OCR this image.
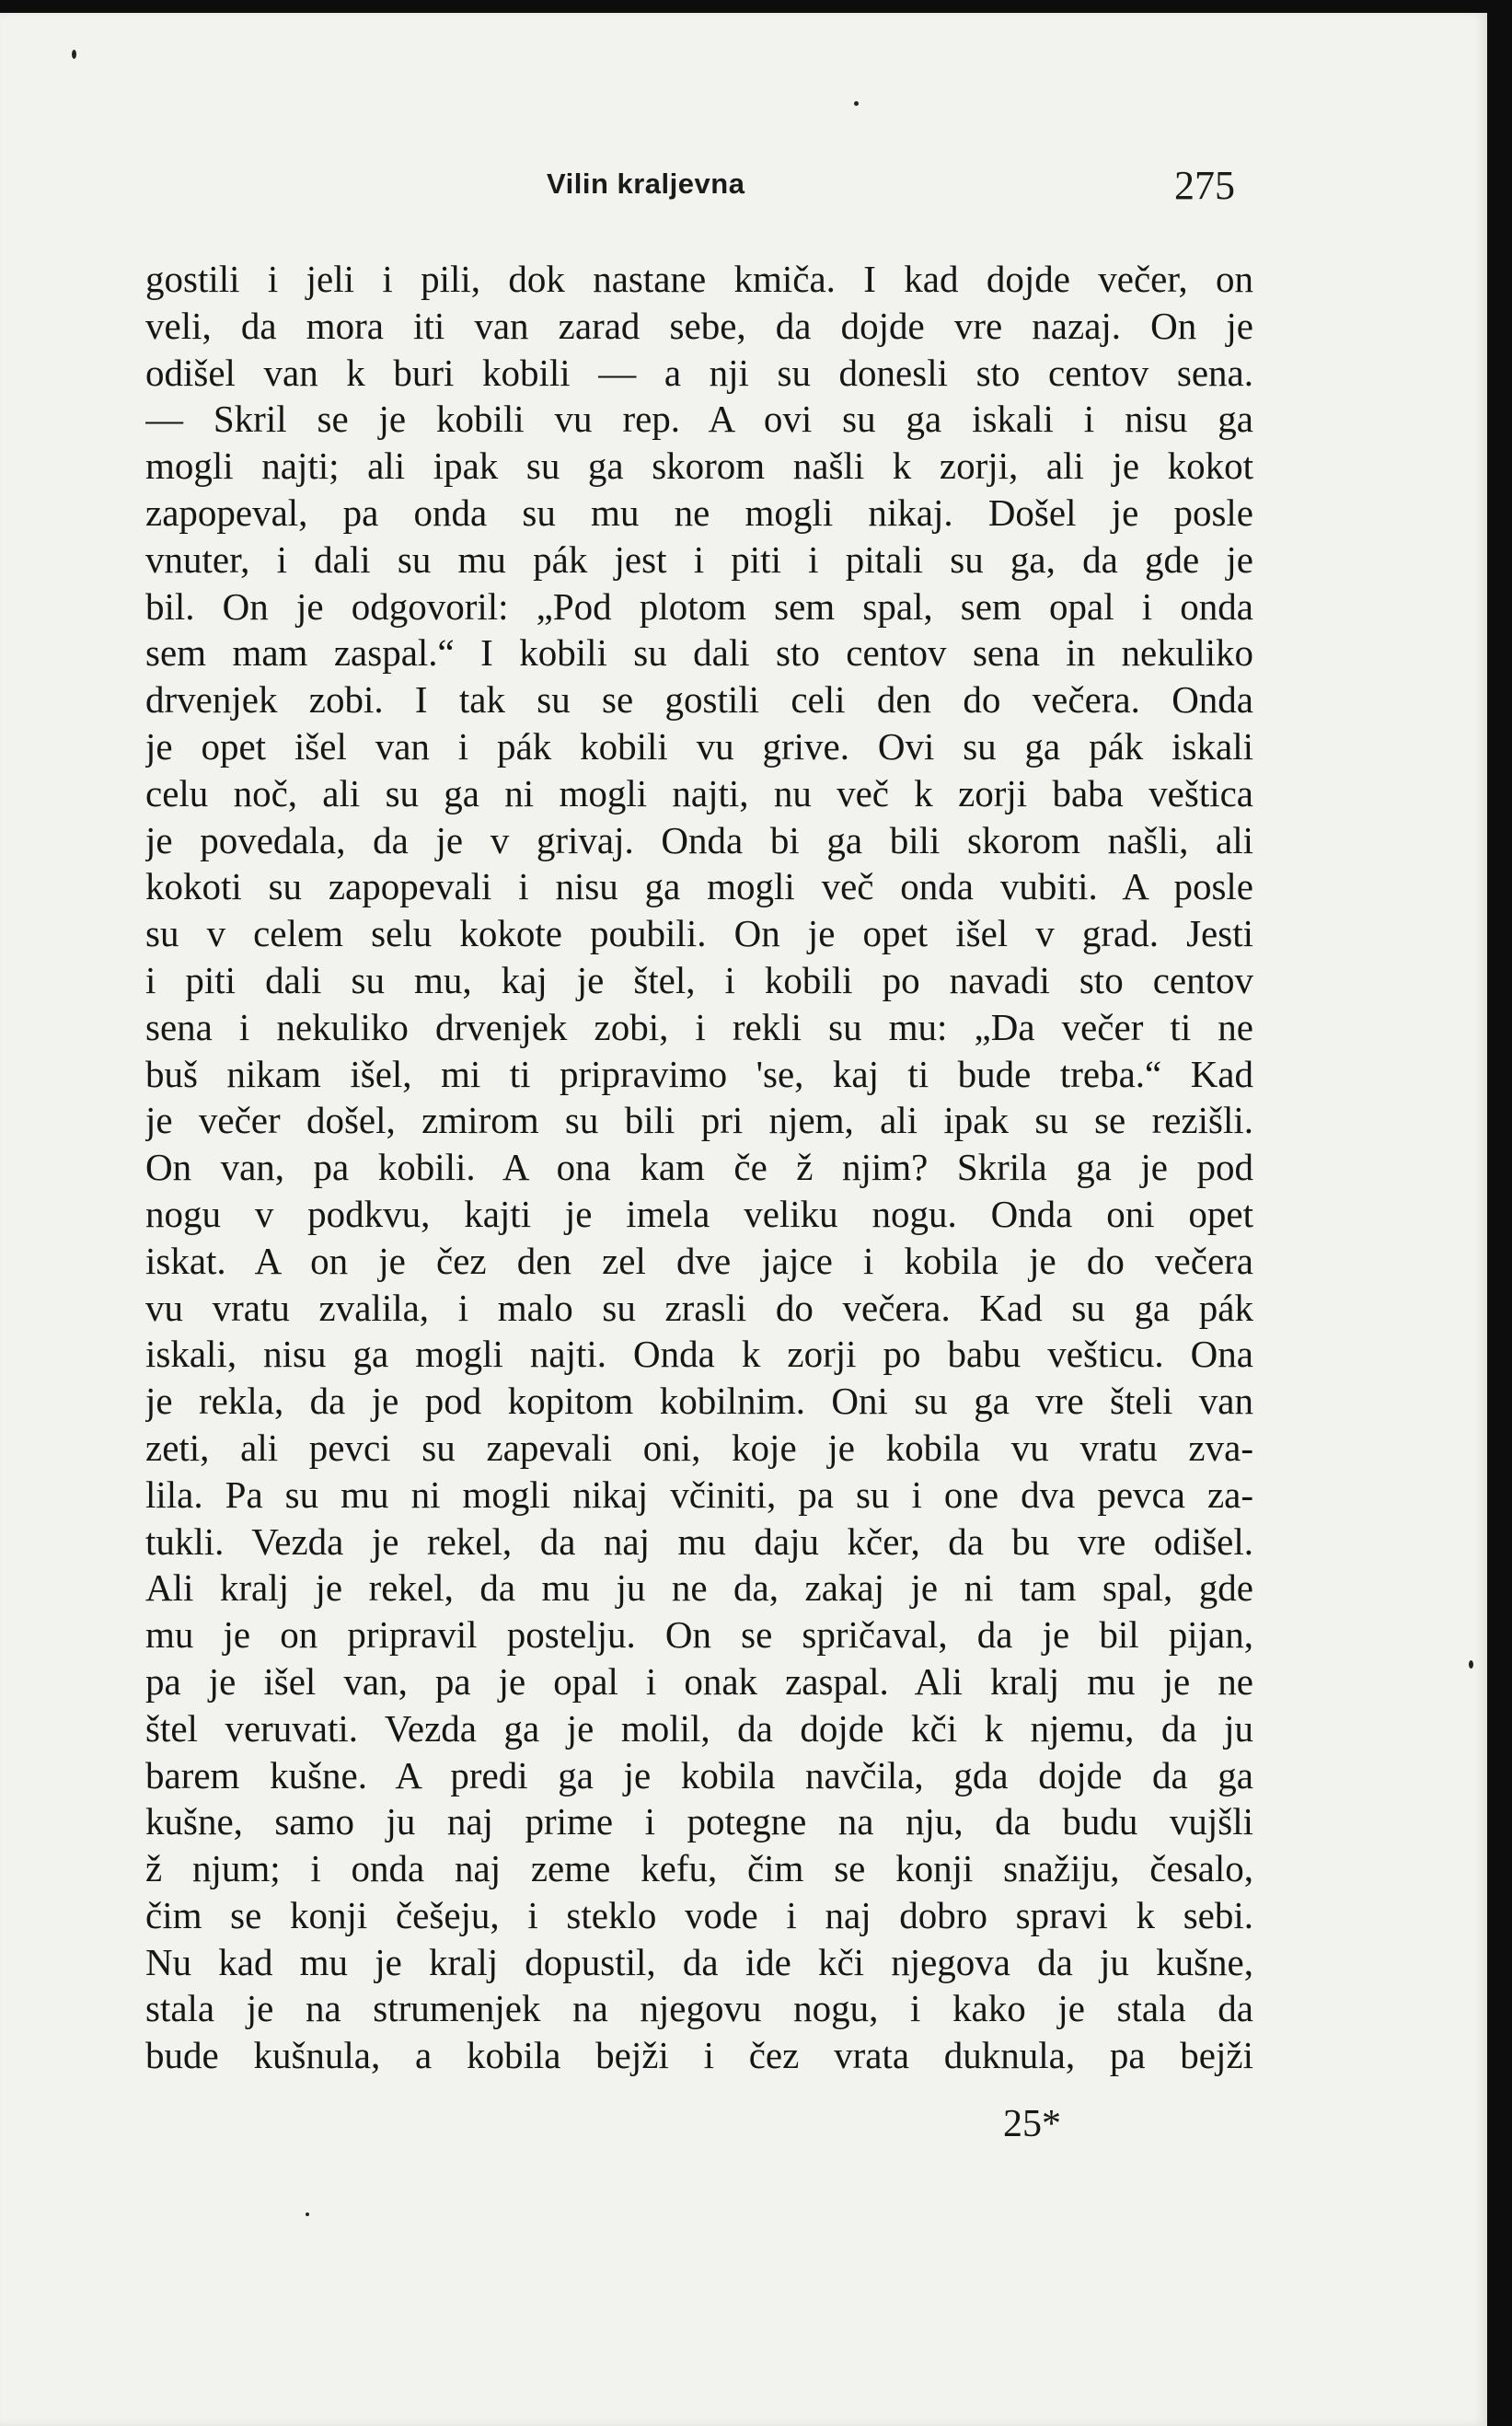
Vilin kraljevna	275
gostili i jeli i pili, dok nastane kmiča. I kad dojde večer, on
veli, da mora iti van zarad sebe, da dojde vre nazaj. On je
odišel van k buri kobili — a nji su donesli sto centov sena.
— Skril se je kobili vu rep. A ovi su ga iskali i nisu ga
mogli najti; ali ipak su ga skorom našli k zorji, ali je kokot
zapopeval, pa onda su mu ne mogli nikaj. Došel je posle
vnuter, i dali su mu pák jest i piti i pitali su ga, da gde je
bil. On je odgovoril: „Pod plotom sem spal, sem opal i onda
sem mam zaspal.“ I kobili su dali sto centov sena in nekuliko
drvenjek zobi. I tak su se gostili celi den do večera. Onda
je opet išel van i pák kobili vu grive. Ovi su ga pák iskali
celu noč, ali su ga ni mogli najti, nu več k zorji baba veštica
je povedala, da je v grivaj. Onda bi ga bili skorom našli, ali
kokoti su zapopevali i nisu ga mogli več onda vubiti. A posle
su v celem selu kokote poubili. On je opet išel v grad. Jesti
i piti dali su mu, kaj je štel, i kobili po navadi sto centov
sena i nekuliko drvenjek zobi, i rekli su mu: „Da večer ti ne
buš nikam išel, mi ti pripravimo 'se, kaj ti bude treba.“ Kad
je večer došel, zmirom su bili pri njem, ali ipak su se rezišli.
On van, pa kobili. A ona kam če ž njim? Skrila ga je pod
nogu v podkvu, kajti je imela veliku nogu. Onda oni opet
iskat. A on je čez den zel dve jajce i kobila je do večera
vu vratu zvalila, i malo su zrasli do večera. Kad su ga pák
iskali, nisu ga mogli najti. Onda k zorji po babu vešticu. Ona
je rekla, da je pod kopitom kobilnim. Oni su ga vre šteli van
zeti, ali pevci su zapevali oni, koje je kobila vu vratu zva-
lila. Pa su mu ni mogli nikaj včiniti, pa su i one dva pevca za-
tukli. Vezda je rekel, da naj mu daju kčer, da bu vre odišel.
Ali kralj je rekel, da mu ju ne da, zakaj je ni tam spal, gde
mu je on pripravil postelju. On se spričaval, da je bil pijan,
pa je išel van, pa je opal i onak zaspal. Ali kralj mu je ne
štel veruvati. Vezda ga je molil, da dojde kči k njemu, da ju
barem kušne. A predi ga je kobila navčila, gda dojde da ga
kušne, samo ju naj prime i potegne na nju, da budu vujšli
ž njum; i onda naj zeme kefu, čim se konji snažiju, česalo,
čim se konji češeju, i steklo vode i naj dobro spravi k sebi.
Nu kad mu je kralj dopustil, da ide kči njegova da ju kušne,
stala je na strumenjek na njegovu nogu, i kako je stala da
bude kušnula, a kobila bejži i čez vrata duknula, pa bejži
25*
